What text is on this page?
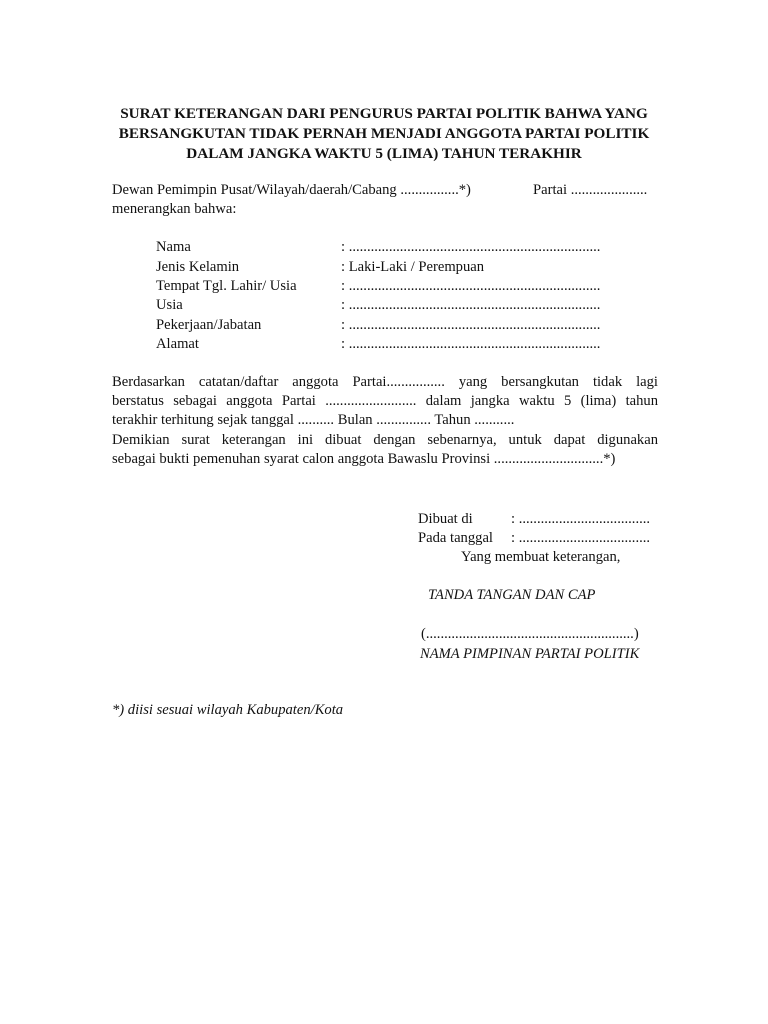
SURAT KETERANGAN DARI PENGURUS PARTAI POLITIK BAHWA YANG
BERSANGKUTAN TIDAK PERNAH MENJADI ANGGOTA PARTAI POLITIK
DALAM JANGKA WAKTU 5 (LIMA) TAHUN TERAKHIR
Dewan Pemimpin Pusat/Wilayah/daerah/Cabang ................*)	Partai .....................
menerangkan bahwa:
Nama	: .....................................................................
Jenis Kelamin	: Laki-Laki / Perempuan
Tempat Tgl. Lahir/ Usia	: .....................................................................
Usia	: .....................................................................
Pekerjaan/Jabatan	: .....................................................................
Alamat	: .....................................................................
Berdasarkan catatan/daftar anggota Partai................ yang bersangkutan tidak lagi
berstatus sebagai anggota Partai ......................... dalam jangka waktu 5 (lima) tahun
terakhir terhitung sejak tanggal .......... Bulan ............... Tahun ...........
Demikian surat keterangan ini dibuat dengan sebenarnya, untuk dapat digunakan
sebagai bukti pemenuhan syarat calon anggota Bawaslu Provinsi ..............................*)
Dibuat di	: ....................................
Pada tanggal : ....................................
Yang membuat keterangan,
TANDA TANGAN DAN CAP
(.........................................................)
NAMA PIMPINAN PARTAI POLITIK
*) diisi sesuai wilayah Kabupaten/Kota
